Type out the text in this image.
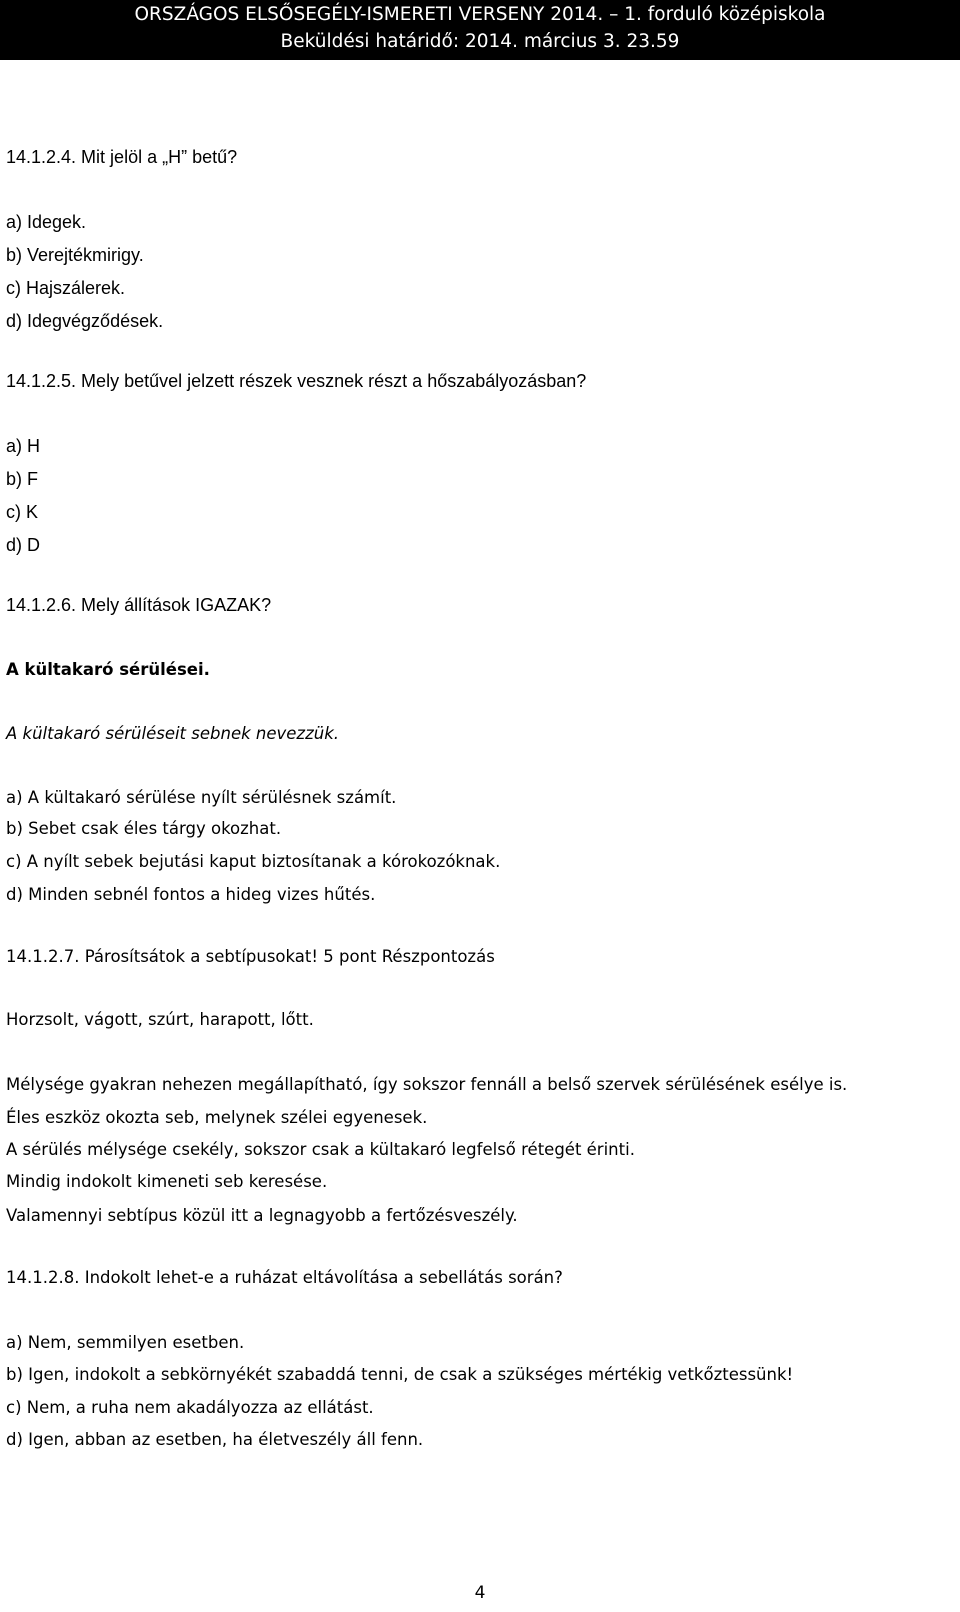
ORSZÁGOS ELSŐSEGÉLY-ISMERETI VERSENY 2014. – 1. forduló középiskola
Beküldési határidő: 2014. március 3. 23.59
14.1.2.4. Mit jelöl a „H” betű?
a) Idegek.
b) Verejtékmirigy.
c) Hajszálerek.
d) Idegvégződések.
14.1.2.5. Mely betűvel jelzett részek vesznek részt a hőszabályozásban?
a) H
b) F
c) K
d) D
14.1.2.6. Mely állítások IGAZAK?
A kültakaró sérülései.
A kültakaró sérüléseit sebnek nevezzük.
a) A kültakaró sérülése nyílt sérülésnek számít.
b) Sebet csak éles tárgy okozhat.
c) A nyílt sebek bejutási kaput biztosítanak a kórokozóknak.
d) Minden sebnél fontos a hideg vizes hűtés.
14.1.2.7. Párosítsátok a sebtípusokat! 5 pont Részpontozás
Horzsolt, vágott, szúrt, harapott, lőtt.
Mélysége gyakran nehezen megállapítható, így sokszor fennáll a belső szervek sérülésének esélye is.
Éles eszköz okozta seb, melynek szélei egyenesek.
A sérülés mélysége csekély, sokszor csak a kültakaró legfelső rétegét érinti.
Mindig indokolt kimeneti seb keresése.
Valamennyi sebtípus közül itt a legnagyobb a fertőzésveszély.
14.1.2.8. Indokolt lehet-e a ruházat eltávolítása a sebellátás során?
a) Nem, semmilyen esetben.
b) Igen, indokolt a sebkörnyékét szabaddá tenni, de csak a szükséges mértékig vetkőztessünk!
c) Nem, a ruha nem akadályozza az ellátást.
d) Igen, abban az esetben, ha életveszély áll fenn.
4
